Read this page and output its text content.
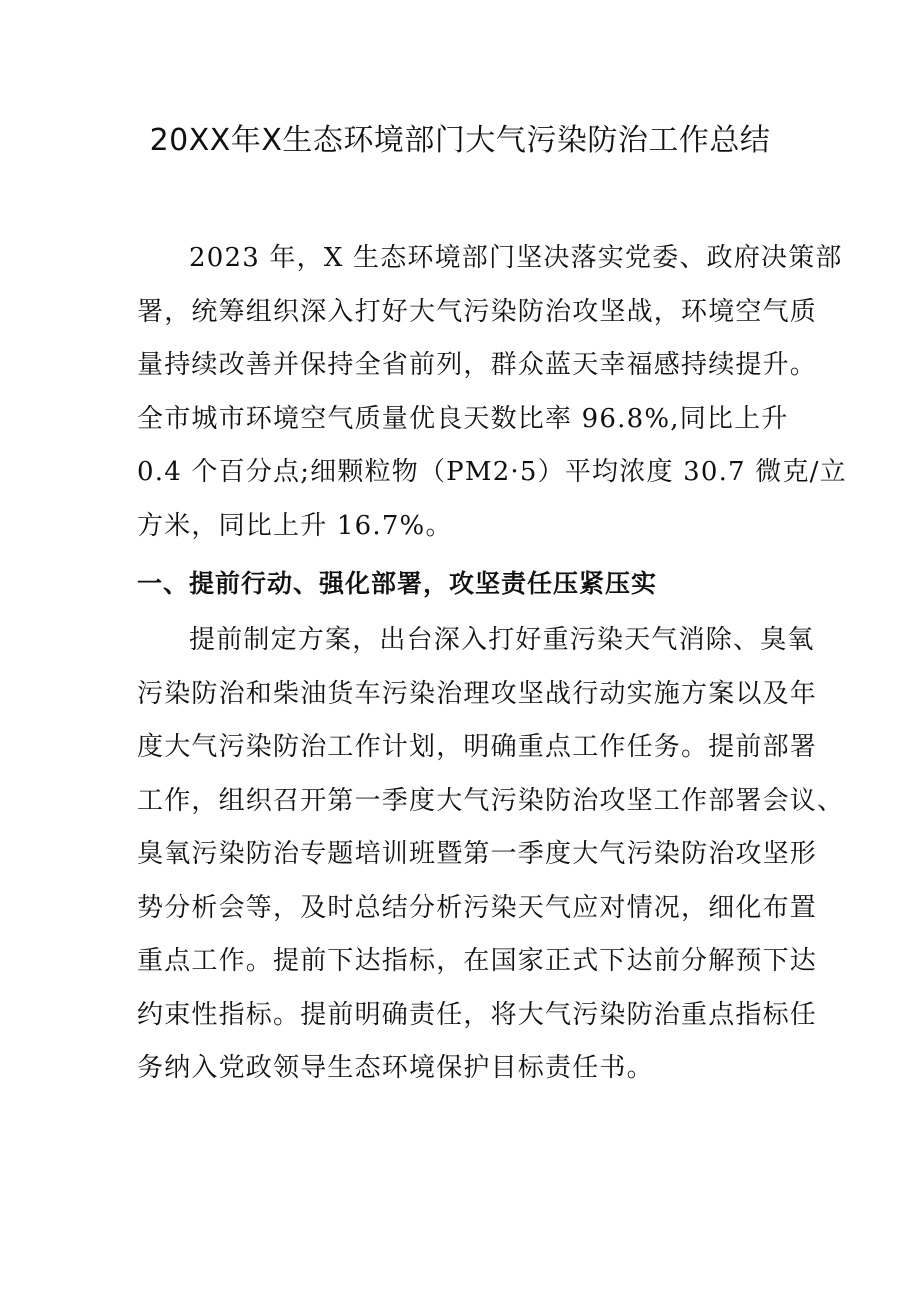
20XX年X生态环境部门大气污染防治工作总结
2023 年，X 生态环境部门坚决落实党委、政府决策部
署，统筹组织深入打好大气污染防治攻坚战，环境空气质
量持续改善并保持全省前列，群众蓝天幸福感持续提升。
全市城市环境空气质量优良天数比率 96.8%,同比上升
0.4 个百分点;细颗粒物（PM2·5）平均浓度 30.7 微克/立
方米，同比上升 16.7%。
一、提前行动、强化部署，攻坚责任压紧压实
提前制定方案，出台深入打好重污染天气消除、臭氧
污染防治和柴油货车污染治理攻坚战行动实施方案以及年
度大气污染防治工作计划，明确重点工作任务。提前部署
工作，组织召开第一季度大气污染防治攻坚工作部署会议、
臭氧污染防治专题培训班暨第一季度大气污染防治攻坚形
势分析会等，及时总结分析污染天气应对情况，细化布置
重点工作。提前下达指标，在国家正式下达前分解预下达
约束性指标。提前明确责任，将大气污染防治重点指标任
务纳入党政领导生态环境保护目标责任书。
